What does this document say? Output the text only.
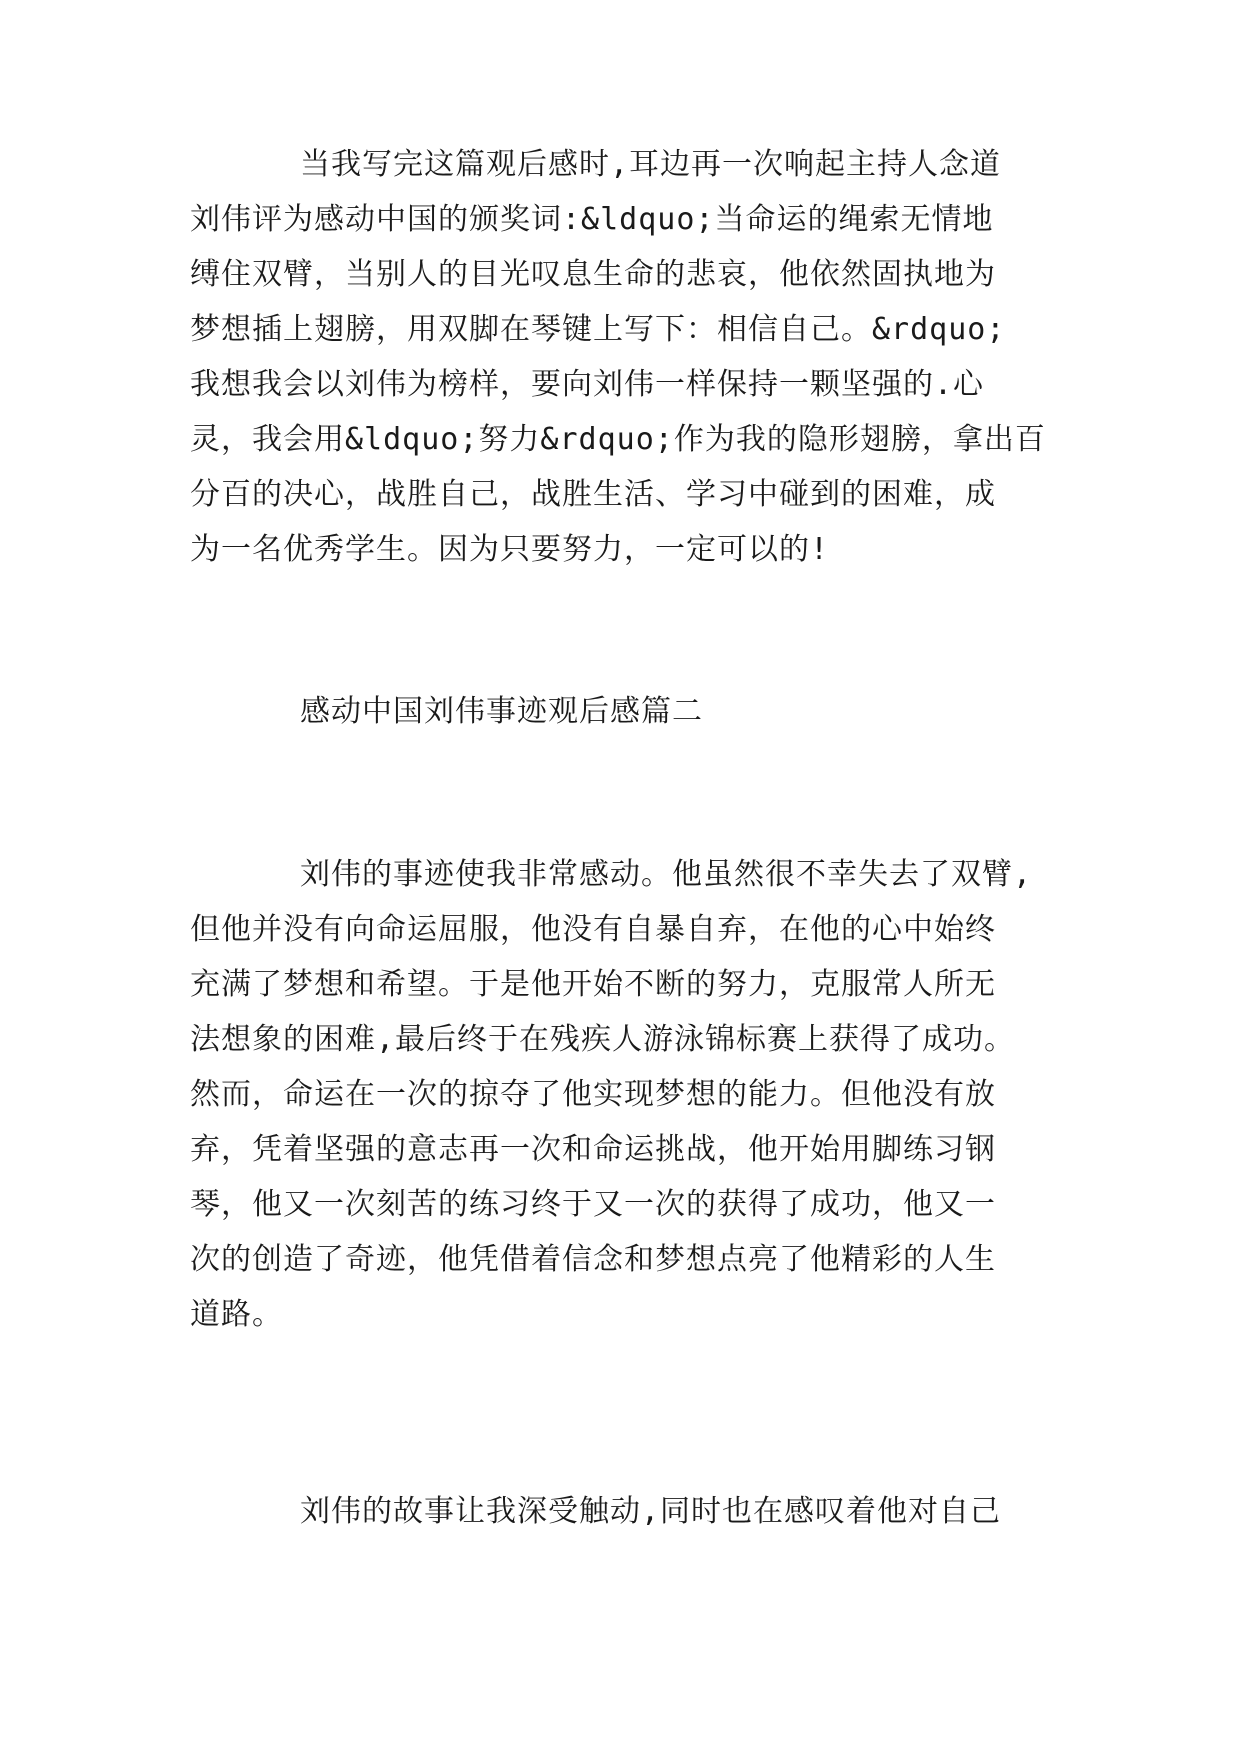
当我写完这篇观后感时,耳边再一次响起主持人念道
刘伟评为感动中国的颁奖词:&ldquo;当命运的绳索无情地
缚住双臂，当别人的目光叹息生命的悲哀，他依然固执地为
梦想插上翅膀，用双脚在琴键上写下：相信自己。&rdquo;
我想我会以刘伟为榜样，要向刘伟一样保持一颗坚强的.心
灵，我会用&ldquo;努力&rdquo;作为我的隐形翅膀，拿出百
分百的决心，战胜自己，战胜生活、学习中碰到的困难，成
为一名优秀学生。因为只要努力，一定可以的!
感动中国刘伟事迹观后感篇二
刘伟的事迹使我非常感动。他虽然很不幸失去了双臂,
但他并没有向命运屈服，他没有自暴自弃，在他的心中始终
充满了梦想和希望。于是他开始不断的努力，克服常人所无
法想象的困难,最后终于在残疾人游泳锦标赛上获得了成功。
然而，命运在一次的掠夺了他实现梦想的能力。但他没有放
弃，凭着坚强的意志再一次和命运挑战，他开始用脚练习钢
琴，他又一次刻苦的练习终于又一次的获得了成功，他又一
次的创造了奇迹，他凭借着信念和梦想点亮了他精彩的人生
道路。
刘伟的故事让我深受触动,同时也在感叹着他对自己
